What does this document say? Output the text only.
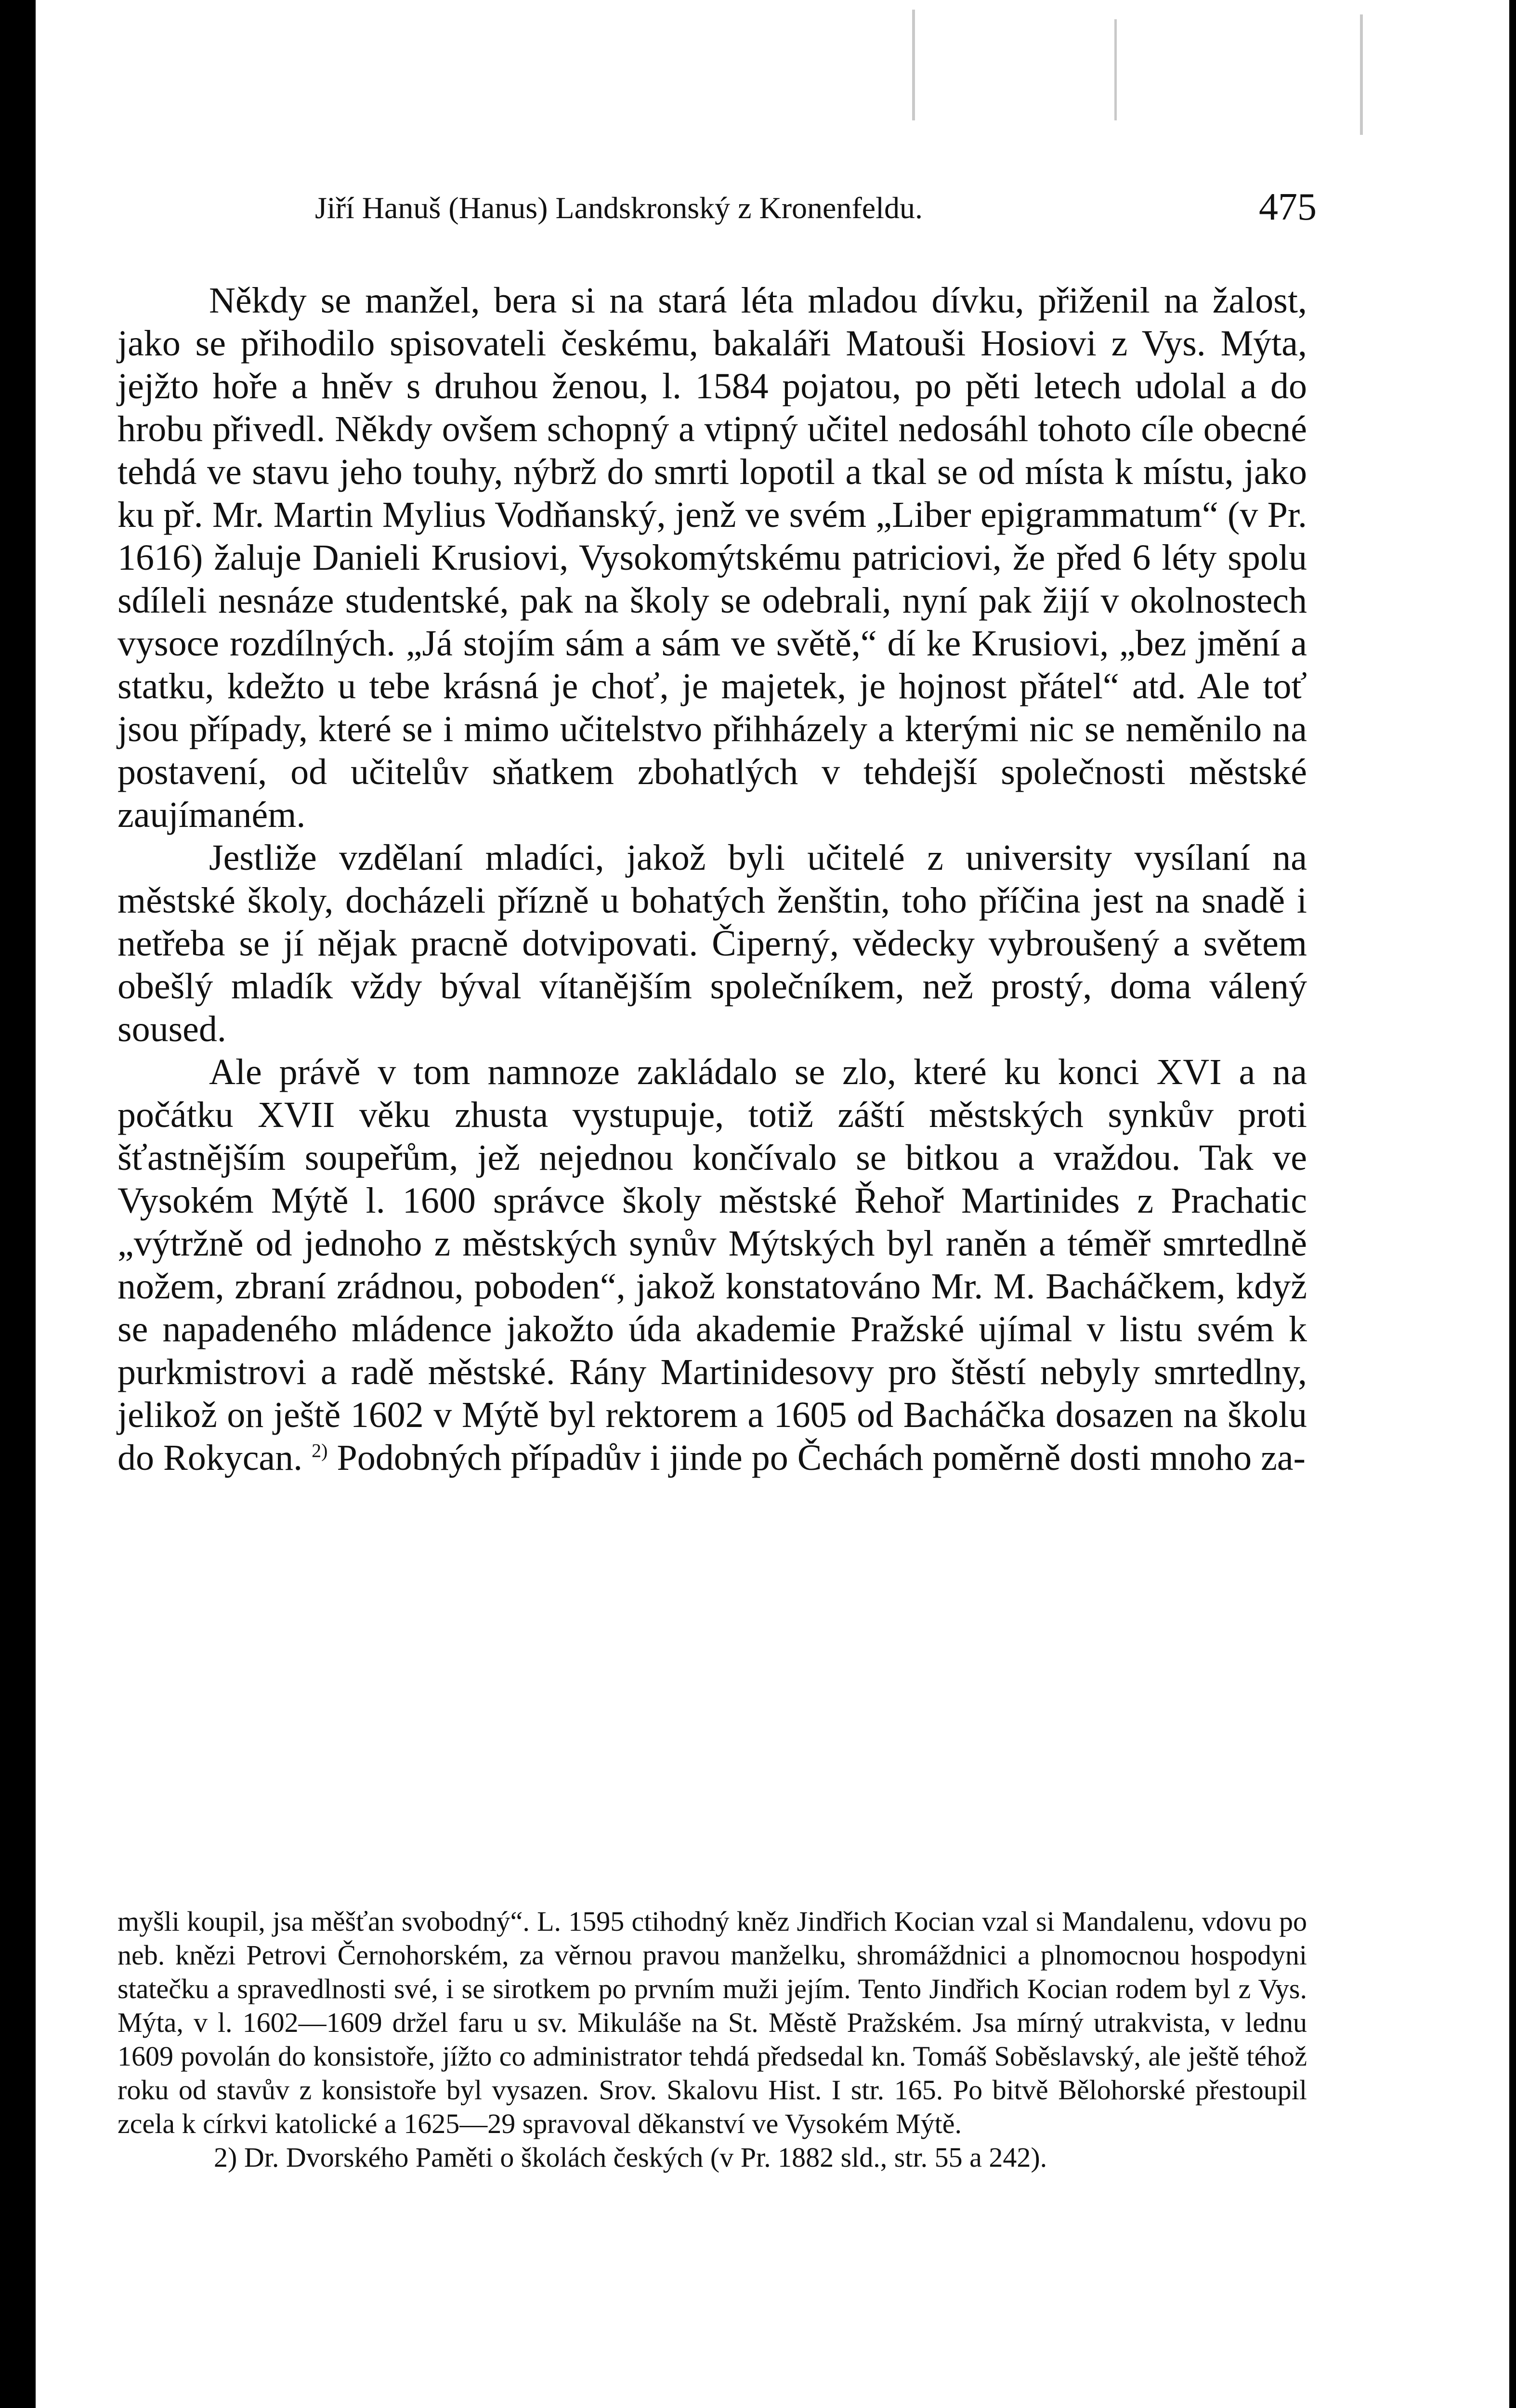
Jiří Hanuš (Hanus) Landskronský z Kronenfeldu.	475

Někdy se manžel, bera si na stará léta mladou dívku, přiženil na žalost, jako se přihodilo spisovateli českému, bakaláři Matouši Hosiovi z Vys. Mýta, jejžto hoře a hněv s druhou ženou, l. 1584 pojatou, po pěti letech udolal a do hrobu přivedl. Někdy ovšem schopný a vtipný učitel nedosáhl tohoto cíle obecné tehdá ve stavu jeho touhy, nýbrž do smrti lopotil a tkal se od místa k místu, jako ku př. Mr. Martin Mylius Vodňanský, jenž ve svém „Liber epigrammatum“ (v Pr. 1616) žaluje Danieli Krusiovi, Vysokomýtskému patriciovi, že před 6 léty spolu sdíleli nesnáze studentské, pak na školy se odebrali, nyní pak žijí v okolnostech vysoce rozdílných. „Já stojím sám a sám ve světě,“ dí ke Krusiovi, „bez jmění a statku, kdežto u tebe krásná je choť, je majetek, je hojnost přátel“ atd. Ale toť jsou případy, které se i mimo učitelstvo přihházely a kterými nic se neměnilo na postavení, od učitelův sňatkem zbohatlých v tehdejší společnosti městské zaujímaném.

Jestliže vzdělaní mladíci, jakož byli učitelé z university vysílaní na městské školy, docházeli přízně u bohatých ženštin, toho příčina jest na snadě i netřeba se jí nějak pracně dotvipovati. Čiperný, vědecky vybroušený a světem obešlý mladík vždy býval vítanějším společníkem, než prostý, doma válený soused.

Ale právě v tom namnoze zakládalo se zlo, které ku konci XVI a na počátku XVII věku zhusta vystupuje, totiž záští městských synkův proti šťastnějším soupeřům, jež nejednou končívalo se bitkou a vraždou. Tak ve Vysokém Mýtě l. 1600 správce školy městské Řehoř Martinides z Prachatic „výtržně od jednoho z městských synův Mýtských byl raněn a téměř smrtedlně nožem, zbraní zrádnou, poboden“, jakož konstatováno Mr. M. Bacháčkem, když se napadeného mládence jakožto úda akademie Pražské ujímal v listu svém k purkmistrovi a radě městské. Rány Martinidesovy pro štěstí nebyly smrtedlny, jelikož on ještě 1602 v Mýtě byl rektorem a 1605 od Bacháčka dosazen na školu do Rokycan. $^{2)}$ Podobných případův i jinde po Čechách poměrně dosti mnoho za-

myšli koupil, jsa měšťan svobodný“. L. 1595 ctihodný kněz Jindřich Kocian vzal si Mandalenu, vdovu po neb. knězi Petrovi Černohorském, za věrnou pravou manželku, shromáždnici a plnomocnou hospodyni statečku a spravedlnosti své, i se sirotkem po prvním muži jejím. Tento Jindřich Kocian rodem byl z Vys. Mýta, v l. 1602—1609 držel faru u sv. Mikuláše na St. Městě Pražském. Jsa mírný utrakvista, v lednu 1609 povolán do konsistoře, jížto co administrator tehdá předsedal kn. Tomáš Soběslavský, ale ještě téhož roku od stavův z konsistoře byl vysazen. Srov. Skalovu Hist. I str. 165. Po bitvě Bělohorské přestoupil zcela k církvi katolické a 1625—29 spravoval děkanství ve Vysokém Mýtě.

2) Dr. Dvorského Paměti o školách českých (v Pr. 1882 sld., str. 55 a 242).
